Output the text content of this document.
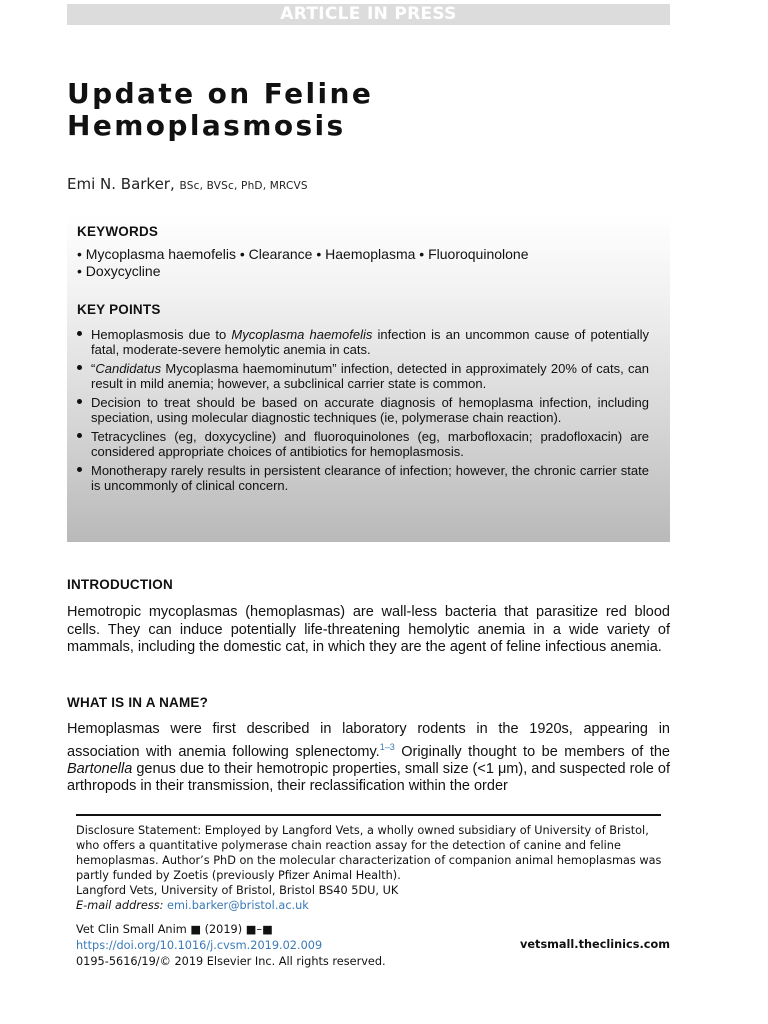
ARTICLE IN PRESS
Update on Feline
Hemoplasmosis
Emi N. Barker, BSc, BVSc, PhD, MRCVS
KEYWORDS
• Mycoplasma haemofelis • Clearance • Haemoplasma • Fluoroquinolone
• Doxycycline
KEY POINTS
Hemoplasmosis due to Mycoplasma haemofelis infection is an uncommon cause of potentially fatal, moderate-severe hemolytic anemia in cats.
“Candidatus Mycoplasma haemominutum” infection, detected in approximately 20% of cats, can result in mild anemia; however, a subclinical carrier state is common.
Decision to treat should be based on accurate diagnosis of hemoplasma infection, including speciation, using molecular diagnostic techniques (ie, polymerase chain reaction).
Tetracyclines (eg, doxycycline) and fluoroquinolones (eg, marbofloxacin; pradofloxacin) are considered appropriate choices of antibiotics for hemoplasmosis.
Monotherapy rarely results in persistent clearance of infection; however, the chronic carrier state is uncommonly of clinical concern.
INTRODUCTION

Hemotropic mycoplasmas (hemoplasmas) are wall-less bacteria that parasitize red blood cells. They can induce potentially life-threatening hemolytic anemia in a wide variety of mammals, including the domestic cat, in which they are the agent of feline infectious anemia.

WHAT IS IN A NAME?

Hemoplasmas were first described in laboratory rodents in the 1920s, appearing in association with anemia following splenectomy.$^{1-3}$ Originally thought to be members of the Bartonella genus due to their hemotropic properties, small size (<1 μm), and suspected role of arthropods in their transmission, their reclassification within the order

Disclosure Statement: Employed by Langford Vets, a wholly owned subsidiary of University of Bristol, who offers a quantitative polymerase chain reaction assay for the detection of canine and feline hemoplasmas. Author’s PhD on the molecular characterization of companion animal hemoplasmas was partly funded by Zoetis (previously Pfizer Animal Health).
Langford Vets, University of Bristol, Bristol BS40 5DU, UK
E-mail address: emi.barker@bristol.ac.uk
Vet Clin Small Anim ■ (2019) ■–■
https://doi.org/10.1016/j.cvsm.2019.02.009
0195-5616/19/© 2019 Elsevier Inc. All rights reserved.
vetsmall.theclinics.com
